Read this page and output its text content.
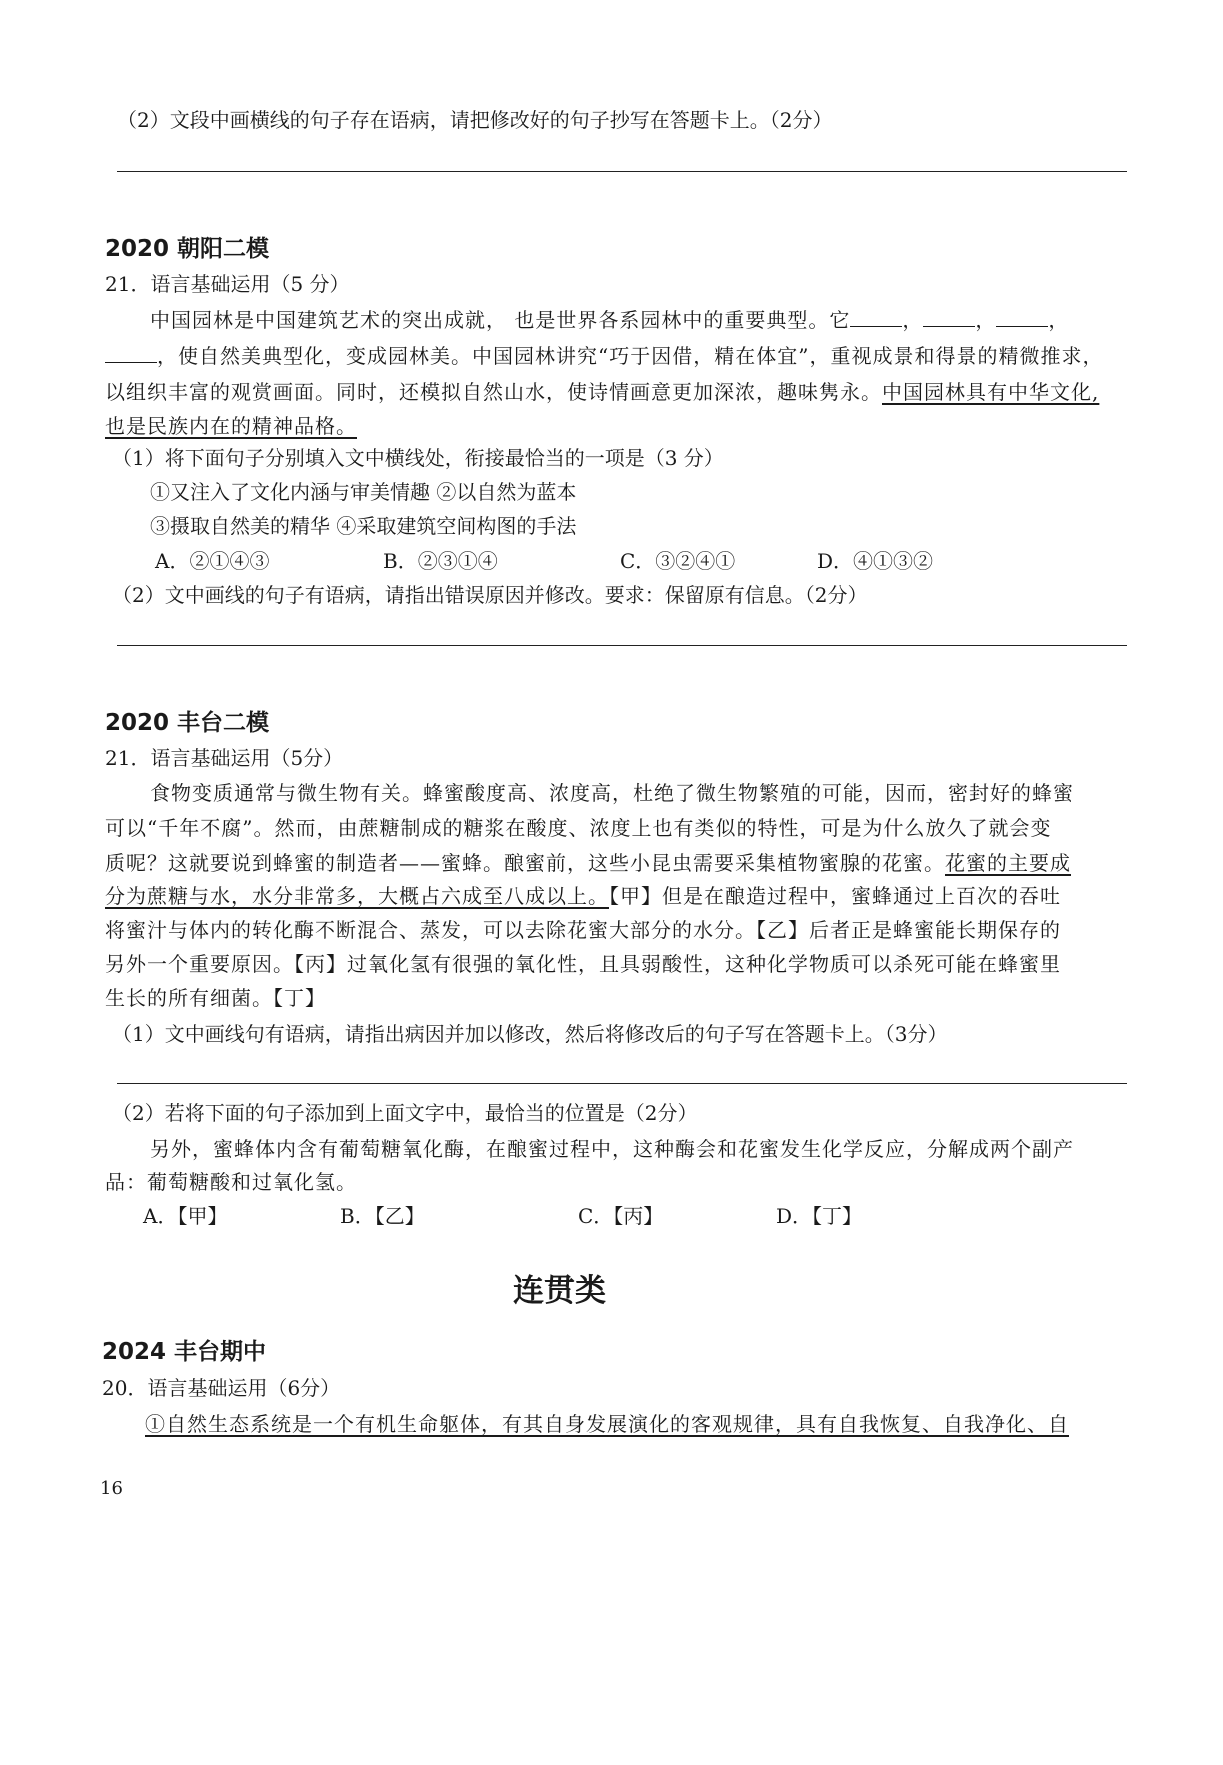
（2）文段中画横线的句子存在语病，请把修改好的句子抄写在答题卡上。（2分）
2020 朝阳二模
21．语言基础运用（5 分）
中国园林是中国建筑艺术的突出成就， 也是世界各系园林中的重要典型。它	，	，	，
，使自然美典型化，变成园林美。中国园林讲究“巧于因借，精在体宜”，重视成景和得景的精微推求，
以组织丰富的观赏画面。同时，还模拟自然山水，使诗情画意更加深浓，趣味隽永。中国园林具有中华文化,
也是民族内在的精神品格。
（1）将下面句子分别填入文中横线处，衔接最恰当的一项是（3 分）
①又注入了文化内涵与审美情趣 ②以自然为蓝本
③摄取自然美的精华 ④采取建筑空间构图的手法
A．②①④③	B．②③①④	C．③②④①	D．④①③②
（2）文中画线的句子有语病，请指出错误原因并修改。要求：保留原有信息。（2分）
2020 丰台二模
21．语言基础运用（5分）
食物变质通常与微生物有关。蜂蜜酸度高、浓度高，杜绝了微生物繁殖的可能，因而，密封好的蜂蜜
可以“千年不腐”。然而，由蔗糖制成的糖浆在酸度、浓度上也有类似的特性，可是为什么放久了就会变
质呢？这就要说到蜂蜜的制造者——蜜蜂。酿蜜前，这些小昆虫需要采集植物蜜腺的花蜜。花蜜的主要成
分为蔗糖与水，水分非常多，大概占六成至八成以上。【甲】但是在酿造过程中，蜜蜂通过上百次的吞吐
将蜜汁与体内的转化酶不断混合、蒸发，可以去除花蜜大部分的水分。【乙】后者正是蜂蜜能长期保存的
另外一个重要原因。【丙】过氧化氢有很强的氧化性，且具弱酸性，这种化学物质可以杀死可能在蜂蜜里
生长的所有细菌。【丁】
（1）文中画线句有语病，请指出病因并加以修改，然后将修改后的句子写在答题卡上。（3分）
（2）若将下面的句子添加到上面文字中，最恰当的位置是（2分）
另外，蜜蜂体内含有葡萄糖氧化酶，在酿蜜过程中，这种酶会和花蜜发生化学反应，分解成两个副产
品：葡萄糖酸和过氧化氢。
A．【甲】	B．【乙】	C．【丙】	D．【丁】
连贯类
2024 丰台期中
20．语言基础运用（6分）
①自然生态系统是一个有机生命躯体，有其自身发展演化的客观规律，具有自我恢复、自我净化、自
16
